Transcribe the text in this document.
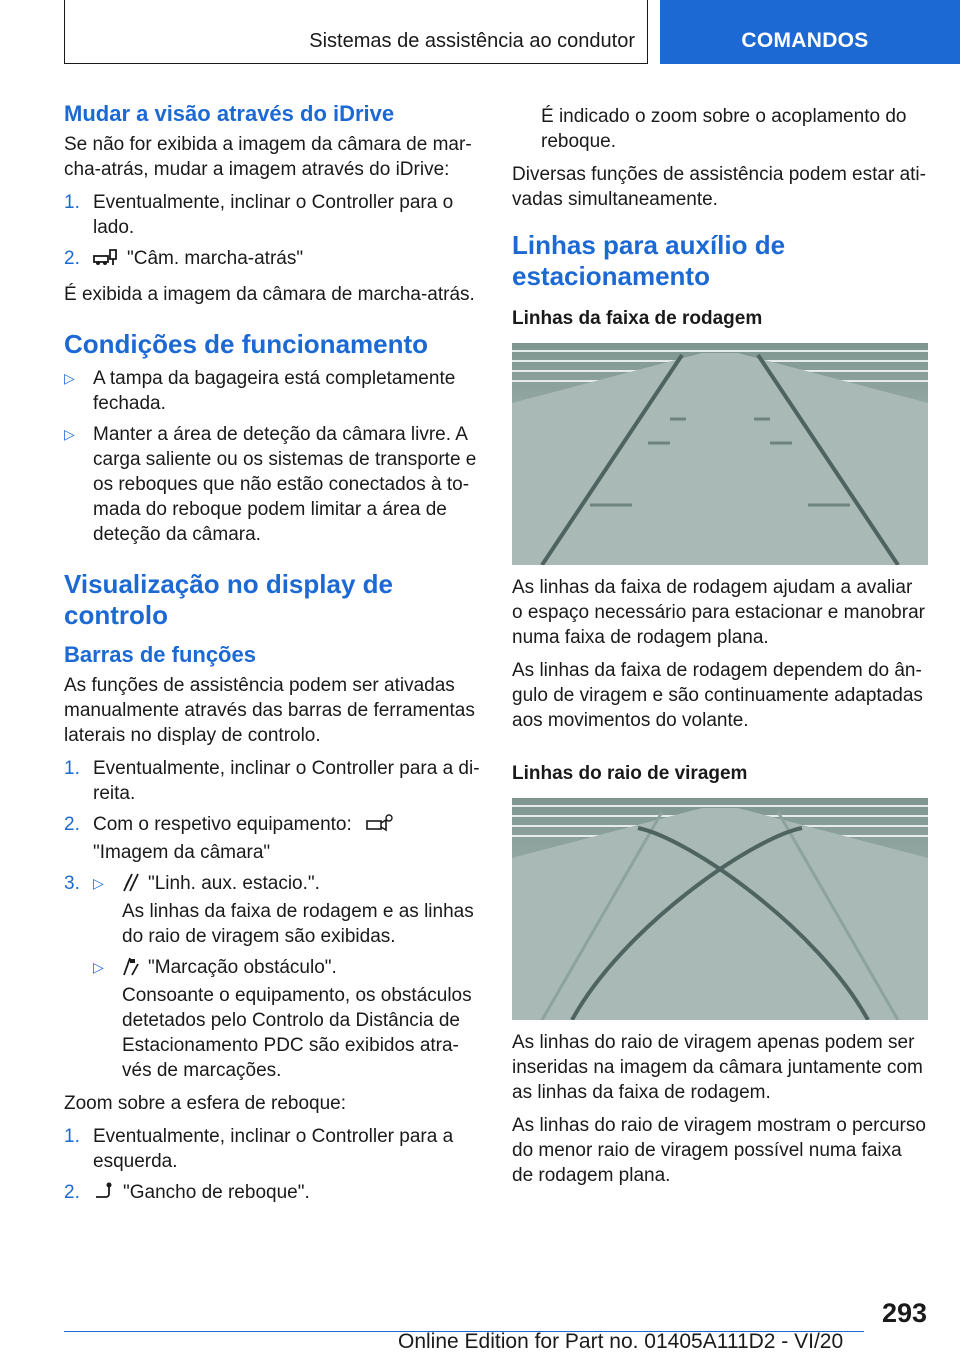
Sistemas de assistência ao condutor	COMANDOS
Mudar a visão através do iDrive
Se não for exibida a imagem da câmara de mar-cha-atrás, mudar a imagem através do iDrive:
1. Eventualmente, inclinar o Controller para o lado.
2.	"Câm. marcha-atrás"
É exibida a imagem da câmara de marcha-atrás.
Condições de funcionamento
▷ A tampa da bagageira está completamente fechada.
▷ Manter a área de deteção da câmara livre. A carga saliente ou os sistemas de transporte e os reboques que não estão conectados à to-mada do reboque podem limitar a área de deteção da câmara.
Visualização no display de controlo
Barras de funções
As funções de assistência podem ser ativadas manualmente através das barras de ferramentas laterais no display de controlo.
1. Eventualmente, inclinar o Controller para a di-reita.
2. Com o respetivo equipamento:
"Imagem da câmara"
3. ▷	"Linh. aux. estacio.".
As linhas da faixa de rodagem e as linhas do raio de viragem são exibidas.
▷	"Marcação obstáculo".
Consoante o equipamento, os obstáculos detetados pelo Controlo da Distância de Estacionamento PDC são exibidos atra-vés de marcações.
Zoom sobre a esfera de reboque:
1. Eventualmente, inclinar o Controller para a esquerda.
2.	"Gancho de reboque".
É indicado o zoom sobre o acoplamento do reboque.
Diversas funções de assistência podem estar ati-vadas simultaneamente.
Linhas para auxílio de estacionamento
Linhas da faixa de rodagem
As linhas da faixa de rodagem ajudam a avaliar o espaço necessário para estacionar e manobrar numa faixa de rodagem plana.
As linhas da faixa de rodagem dependem do ân-gulo de viragem e são continuamente adaptadas aos movimentos do volante.
Linhas do raio de viragem
As linhas do raio de viragem apenas podem ser inseridas na imagem da câmara juntamente com as linhas da faixa de rodagem.
As linhas do raio de viragem mostram o percurso do menor raio de viragem possível numa faixa de rodagem plana.
293
Online Edition for Part no. 01405A111D2 - VI/20
